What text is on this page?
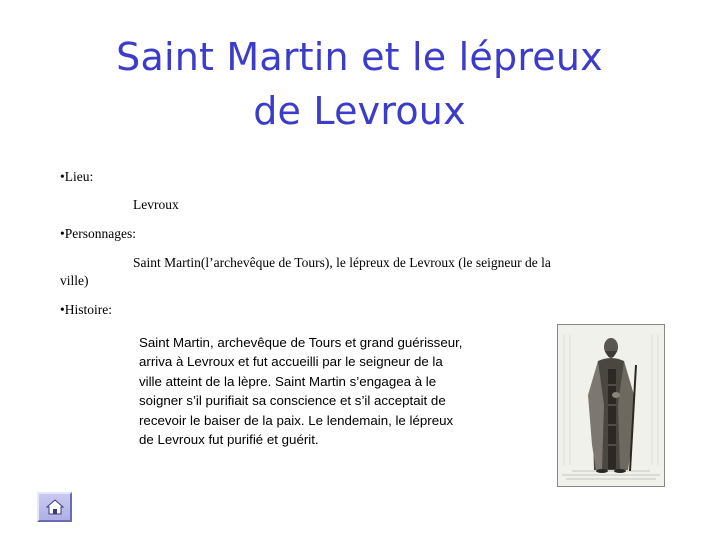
Saint Martin et le lépreux
de Levroux
•Lieu:
Levroux
•Personnages:
Saint Martin(l’archevêque de Tours), le lépreux de Levroux (le seigneur de la
ville)
•Histoire:
Saint Martin, archevêque de Tours et grand guérisseur,
arriva à Levroux et fut accueilli par le seigneur de la
ville atteint de la lèpre. Saint Martin s’engagea à le
soigner s’il purifiait sa conscience et s’il acceptait de
recevoir le baiser de la paix. Le lendemain, le lépreux
de Levroux fut purifié et guérit.
